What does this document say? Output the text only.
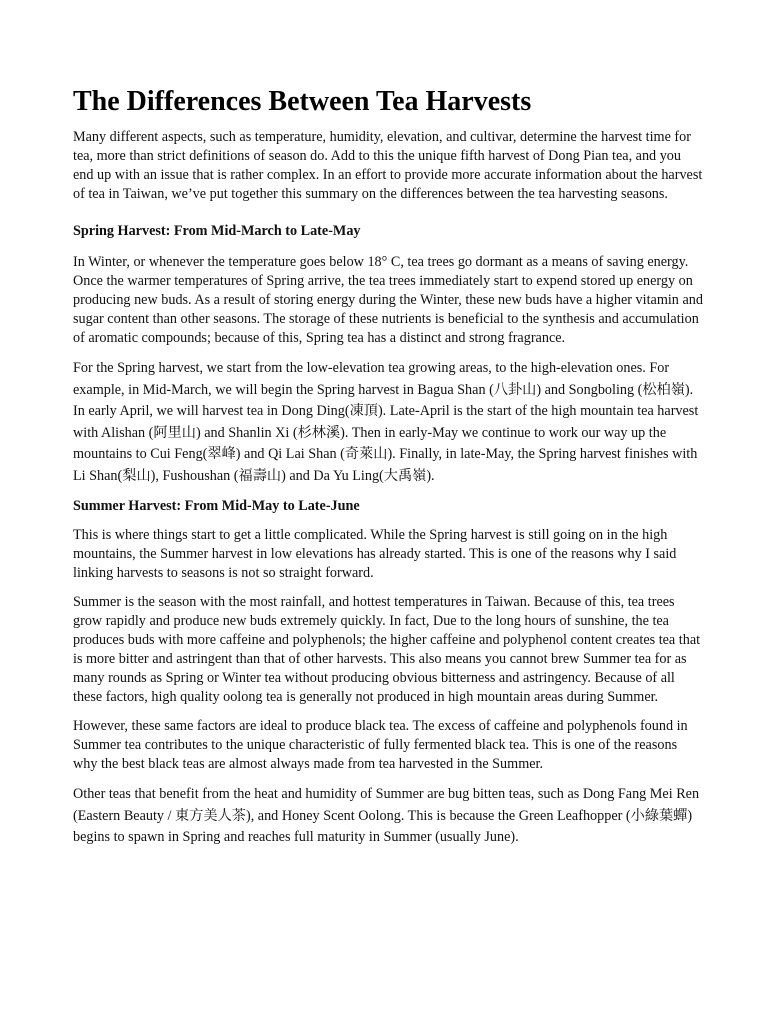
The Differences Between Tea Harvests

Many different aspects, such as temperature, humidity, elevation, and cultivar, determine the harvest time for tea, more than strict definitions of season do. Add to this the unique fifth harvest of Dong Pian tea, and you end up with an issue that is rather complex. In an effort to provide more accurate information about the harvest of tea in Taiwan, we’ve put together this summary on the differences between the tea harvesting seasons.

Spring Harvest: From Mid-March to Late-May

In Winter, or whenever the temperature goes below 18° C, tea trees go dormant as a means of saving energy. Once the warmer temperatures of Spring arrive, the tea trees immediately start to expend stored up energy on producing new buds. As a result of storing energy during the Winter, these new buds have a higher vitamin and sugar content than other seasons. The storage of these nutrients is beneficial to the synthesis and accumulation of aromatic compounds; because of this, Spring tea has a distinct and strong fragrance.

For the Spring harvest, we start from the low-elevation tea growing areas, to the high-elevation ones. For example, in Mid-March, we will begin the Spring harvest in Bagua Shan (八卦山) and Songboling (松柏嶺). In early April, we will harvest tea in Dong Ding(凍頂). Late-April is the start of the high mountain tea harvest with Alishan (阿里山) and Shanlin Xi (杉林溪). Then in early-May we continue to work our way up the mountains to Cui Feng(翠峰) and Qi Lai Shan (奇萊山). Finally, in late-May, the Spring harvest finishes with Li Shan(梨山), Fushoushan (福壽山) and Da Yu Ling(大禹嶺).

Summer Harvest: From Mid-May to Late-June

This is where things start to get a little complicated. While the Spring harvest is still going on in the high mountains, the Summer harvest in low elevations has already started. This is one of the reasons why I said linking harvests to seasons is not so straight forward.

Summer is the season with the most rainfall, and hottest temperatures in Taiwan. Because of this, tea trees grow rapidly and produce new buds extremely quickly. In fact, Due to the long hours of sunshine, the tea produces buds with more caffeine and polyphenols; the higher caffeine and polyphenol content creates tea that is more bitter and astringent than that of other harvests. This also means you cannot brew Summer tea for as many rounds as Spring or Winter tea without producing obvious bitterness and astringency. Because of all these factors, high quality oolong tea is generally not produced in high mountain areas during Summer.

However, these same factors are ideal to produce black tea. The excess of caffeine and polyphenols found in Summer tea contributes to the unique characteristic of fully fermented black tea. This is one of the reasons why the best black teas are almost always made from tea harvested in the Summer.

Other teas that benefit from the heat and humidity of Summer are bug bitten teas, such as Dong Fang Mei Ren (Eastern Beauty / 東方美人茶), and Honey Scent Oolong. This is because the Green Leafhopper (小綠葉蟬) begins to spawn in Spring and reaches full maturity in Summer (usually June).
